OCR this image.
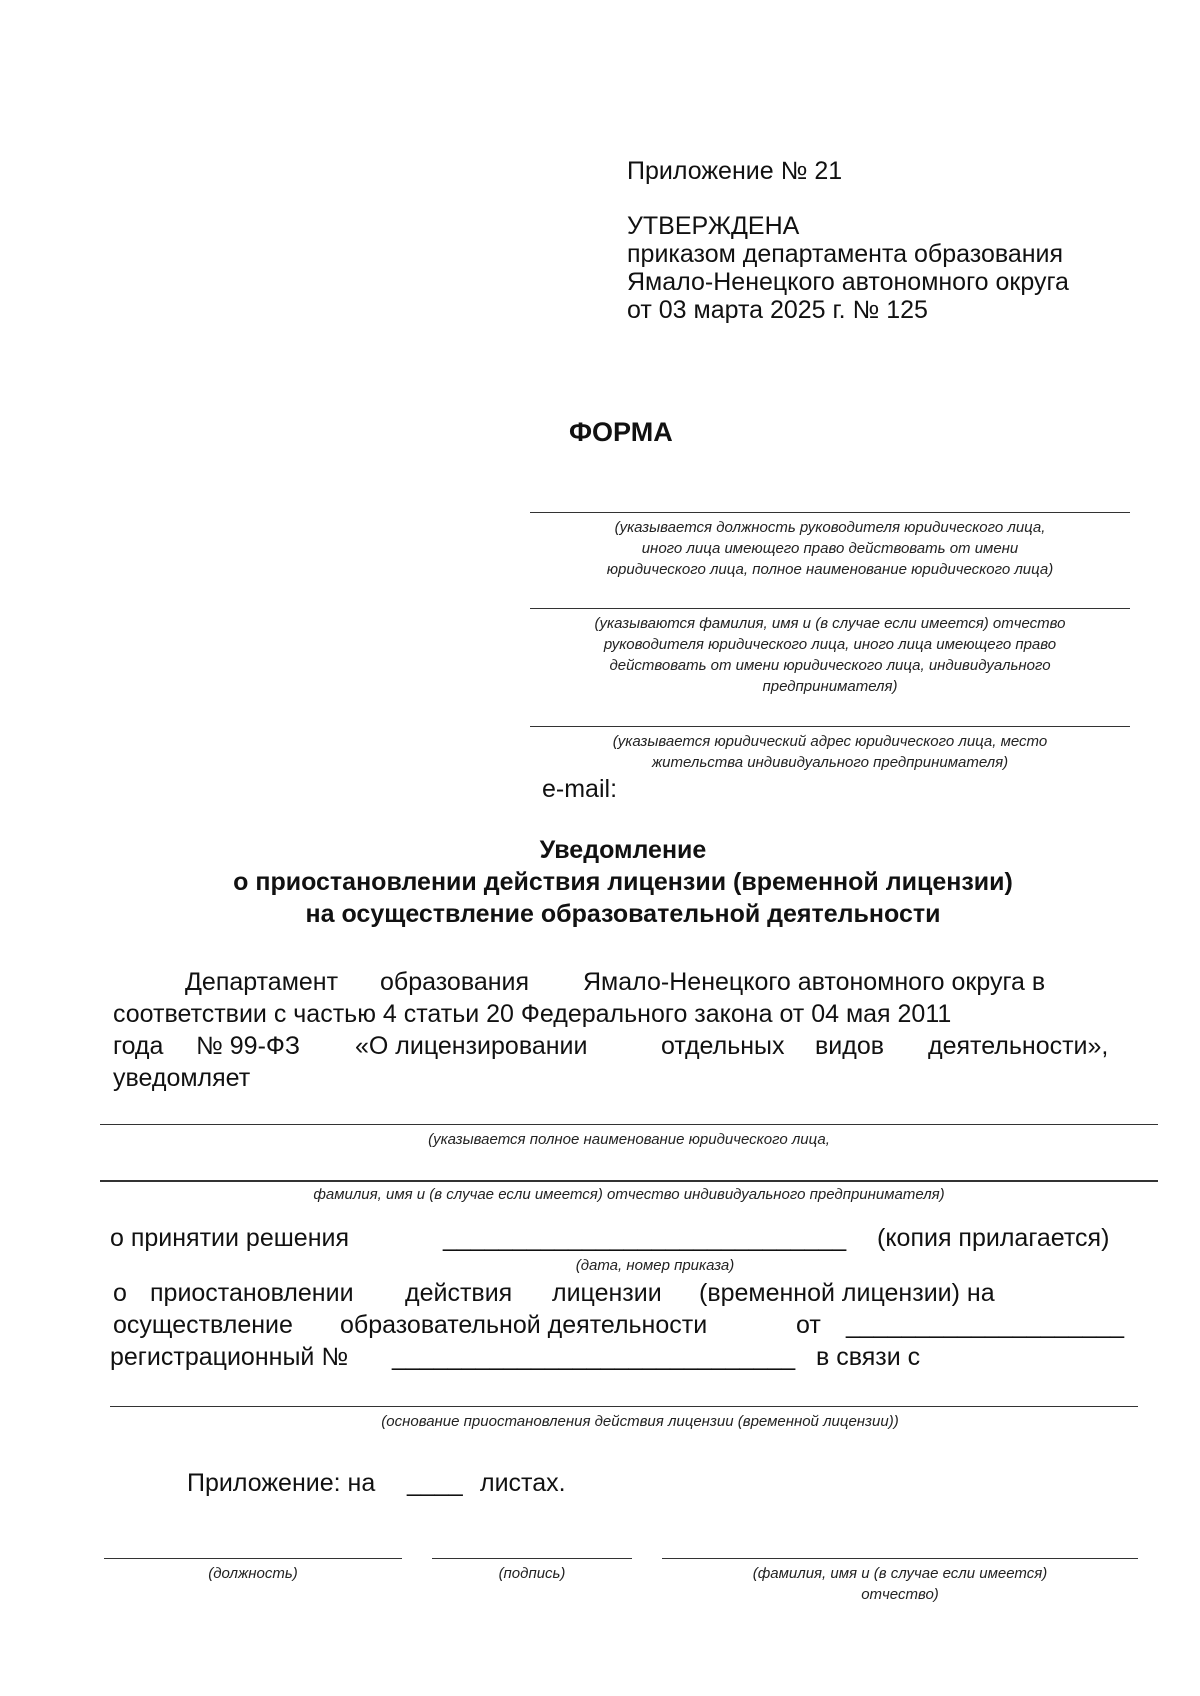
Приложение № 21
УТВЕРЖДЕНА
приказом департамента образования
Ямало-Ненецкого автономного округа
от 03 марта 2025 г. № 125
ФОРМА
(указывается должность руководителя юридического лица,
иного лица имеющего право действовать от имени
юридического лица, полное наименование юридического лица)
(указываются фамилия, имя и (в случае если имеется) отчество
руководителя юридического лица, иного лица имеющего право
действовать от имени юридического лица, индивидуального
предпринимателя)
(указывается юридический адрес юридического лица, место
жительства индивидуального предпринимателя)
e-mail:
Уведомление
о приостановлении действия лицензии (временной лицензии)
на осуществление образовательной деятельности
Департамент образования Ямало-Ненецкого автономного округа в
соответствии с частью 4 статьи 20 Федерального закона от 04 мая 2011
года № 99-ФЗ «О лицензировании	отдельных видов деятельности»,
уведомляет
(указывается полное наименование юридического лица,
фамилия, имя и (в случае если имеется) отчество индивидуального предпринимателя)
о принятии решения	_____________________________ (копия прилагается)
(дата, номер приказа)
о приостановлении действия лицензии (временной лицензии) на
осуществление образовательной деятельности	от ____________________
регистрационный № _____________________________ в связи с
(основание приостановления действия лицензии (временной лицензии))
Приложение: на ____ листах.
(должность)	(подпись)	(фамилия, имя и (в случае если имеется)
отчество)
